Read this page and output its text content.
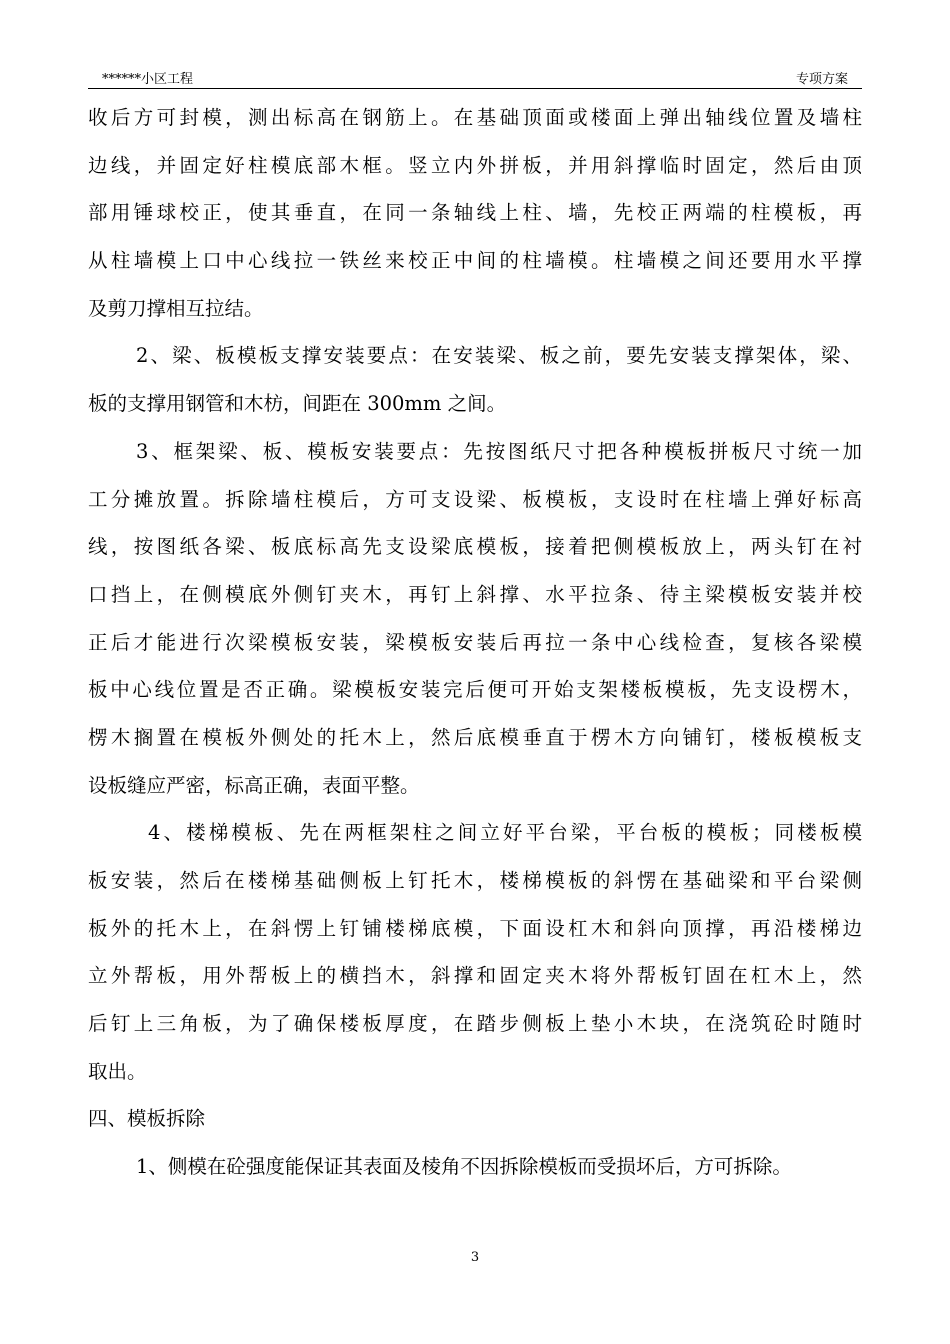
******小区工程	专项方案
收后方可封模，测出标高在钢筋上。在基础顶面或楼面上弹出轴线位置及墙柱
边线，并固定好柱模底部木框。竖立内外拼板，并用斜撑临时固定，然后由顶
部用锤球校正，使其垂直，在同一条轴线上柱、墙，先校正两端的柱模板，再
从柱墙模上口中心线拉一铁丝来校正中间的柱墙模。柱墙模之间还要用水平撑
及剪刀撑相互拉结。
2、梁、板模板支撑安装要点：在安装梁、板之前，要先安装支撑架体，梁、
板的支撑用钢管和木枋，间距在 300mm 之间。
3、框架梁、板、模板安装要点：先按图纸尺寸把各种模板拼板尺寸统一加
工分摊放置。拆除墙柱模后，方可支设梁、板模板，支设时在柱墙上弹好标高
线，按图纸各梁、板底标高先支设梁底模板，接着把侧模板放上，两头钉在衬
口挡上，在侧模底外侧钉夹木，再钉上斜撑、水平拉条、待主梁模板安装并校
正后才能进行次梁模板安装，梁模板安装后再拉一条中心线检查，复核各梁模
板中心线位置是否正确。梁模板安装完后便可开始支架楼板模板，先支设楞木，
楞木搁置在模板外侧处的托木上，然后底模垂直于楞木方向铺钉，楼板模板支
设板缝应严密，标高正确，表面平整。
4、楼梯模板、先在两框架柱之间立好平台梁，平台板的模板；同楼板模
板安装，然后在楼梯基础侧板上钉托木，楼梯模板的斜愣在基础梁和平台梁侧
板外的托木上，在斜愣上钉铺楼梯底模，下面设杠木和斜向顶撑，再沿楼梯边
立外帮板，用外帮板上的横挡木，斜撑和固定夹木将外帮板钉固在杠木上，然
后钉上三角板，为了确保楼板厚度，在踏步侧板上垫小木块，在浇筑砼时随时
取出。
四、模板拆除
1、侧模在砼强度能保证其表面及棱角不因拆除模板而受损坏后，方可拆除。
3
